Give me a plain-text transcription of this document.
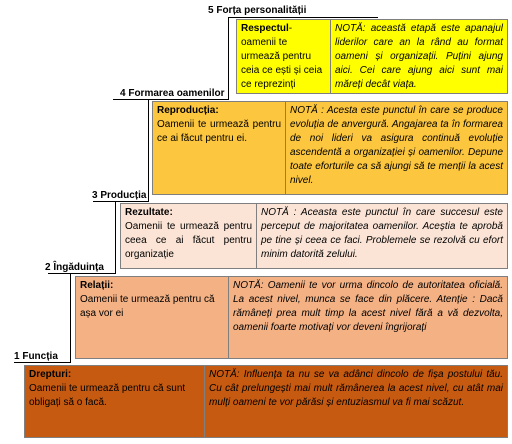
5 Forța personalității
4 Formarea oamenilor
3 Producția
2 Îngăduința
1 Funcția
Respectul-oamenii te urmează pentru ceia ce ești și ceia ce reprezinți
NOTĂ: această etapă este apanajul liderilor care an la rând au format oameni și organizații. Puțini ajung aici. Cei care ajung aici sunt mai măreți decât viața.
Reproducția:
Oamenii te urmează pentru ce ai făcut pentru ei.
NOTĂ : Acesta este punctul în care se produce evoluția de anvergură. Angajarea ta în formarea de noi lideri va asigura continuă evoluție ascendentă a organizației și oamenilor. Depune toate eforturile ca să ajungi să te menții la acest nivel.
Rezultate:
Oamenii te urmează pentru ceea ce ai făcut pentru organizație
NOTĂ : Aceasta este punctul în care succesul este perceput de majoritatea oamenilor. Aceștia te aprobă pe tine și ceea ce faci. Problemele se rezolvă cu efort minim datorită zelului.
Relații:
Oamenii te urmează pentru că așa vor ei
NOTĂ: Oamenii te vor urma dincolo de autoritatea oficială. La acest nivel, munca se face din plăcere. Atenție : Dacă rămâneți prea mult timp la acest nivel fără a vă dezvolta, oamenii foarte motivați vor deveni îngrijorați
Drepturi:
Oamenii te urmează pentru că sunt obligați să o facă.
NOTĂ: Influența ta nu se va adânci dincolo de fișa postului tău. Cu cât prelungești mai mult rămânerea la acest nivel, cu atât mai mulți oameni te vor părăsi și entuziasmul va fi mai scăzut.
